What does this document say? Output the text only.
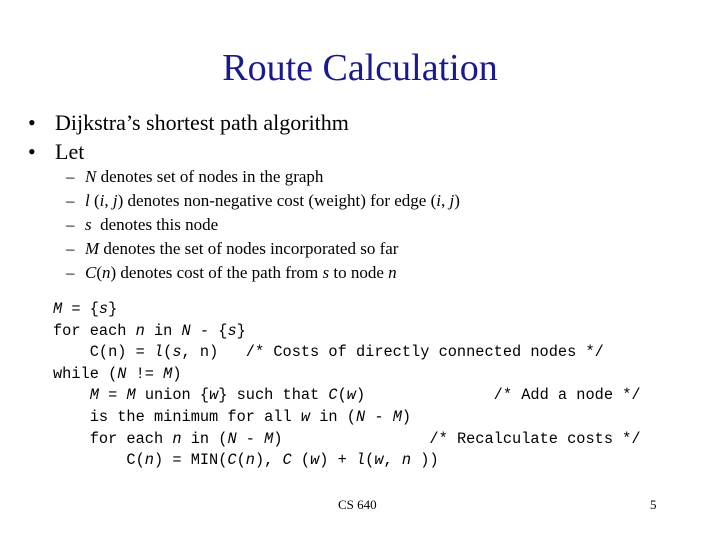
Route Calculation
• Dijkstra’s shortest path algorithm
• Let
– N denotes set of nodes in the graph
– l (i, j) denotes non-negative cost (weight) for edge (i, j)
– s  denotes this node
– M denotes the set of nodes incorporated so far
– C(n) denotes cost of the path from s to node n
M = {s}
for each n in N - {s}
C(n) = l(s, n)   /* Costs of directly connected nodes */
while (N != M)
M = M union {w} such that C(w)              /* Add a node */
is the minimum for all w in (N - M)
for each n in (N - M)                /* Recalculate costs */
C(n) = MIN(C(n), C (w) + l(w, n ))
CS 640	5
